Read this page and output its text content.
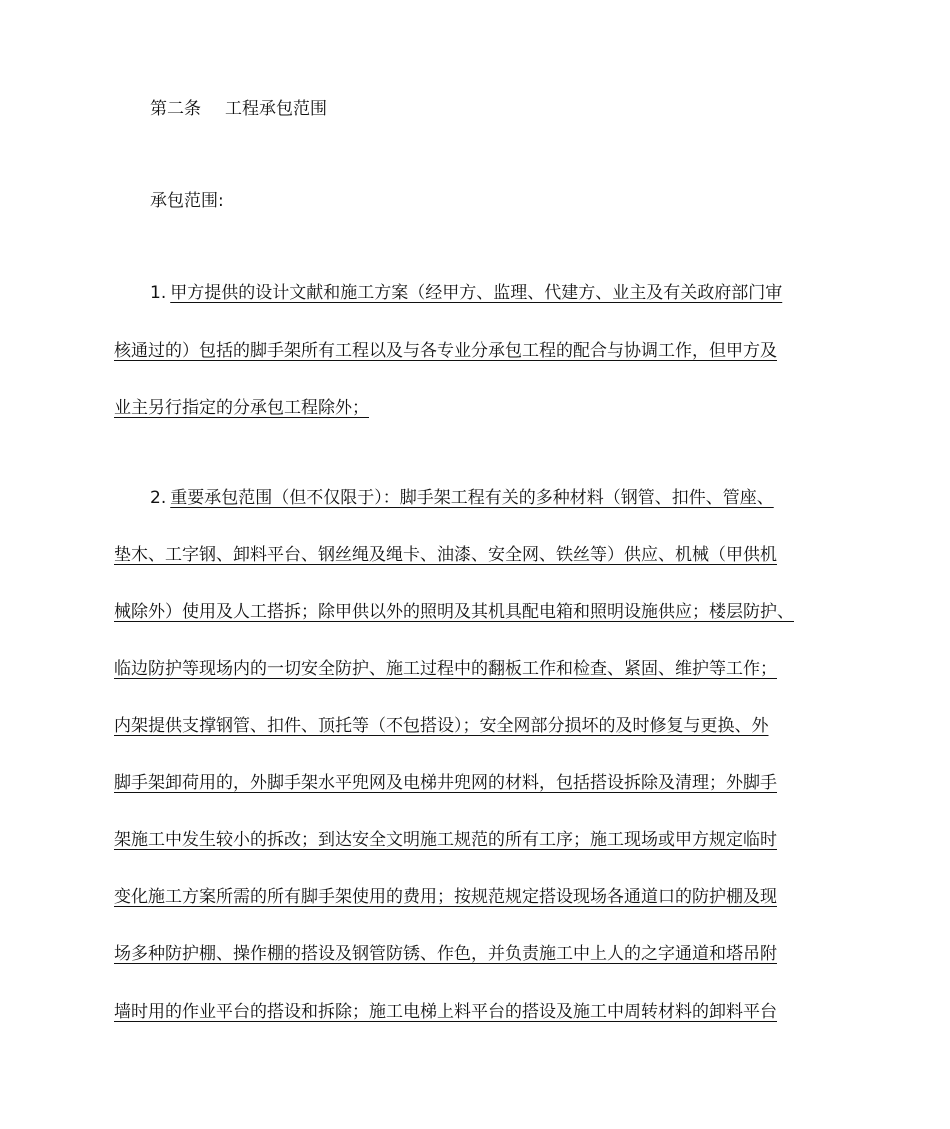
第二条 工程承包范围
承包范围:
1. 甲方提供的设计文献和施工方案（经甲方、监理、代建方、业主及有关政府部门审
核通过的）包括的脚手架所有工程以及与各专业分承包工程的配合与协调工作，但甲方及
业主另行指定的分承包工程除外；
2. 重要承包范围（但不仅限于）：脚手架工程有关的多种材料（钢管、扣件、管座、
垫木、工字钢、卸料平台、钢丝绳及绳卡、油漆、安全网、铁丝等）供应、机械（甲供机
械除外）使用及人工搭拆；除甲供以外的照明及其机具配电箱和照明设施供应；楼层防护、
临边防护等现场内的一切安全防护、施工过程中的翻板工作和检查、紧固、维护等工作；
内架提供支撑钢管、扣件、顶托等（不包搭设）；安全网部分损坏的及时修复与更换、外
脚手架卸荷用的，外脚手架水平兜网及电梯井兜网的材料，包括搭设拆除及清理；外脚手
架施工中发生较小的拆改；到达安全文明施工规范的所有工序；施工现场或甲方规定临时
变化施工方案所需的所有脚手架使用的费用；按规范规定搭设现场各通道口的防护棚及现
场多种防护棚、操作棚的搭设及钢管防锈、作色，并负责施工中上人的之字通道和塔吊附
墙时用的作业平台的搭设和拆除；施工电梯上料平台的搭设及施工中周转材料的卸料平台
